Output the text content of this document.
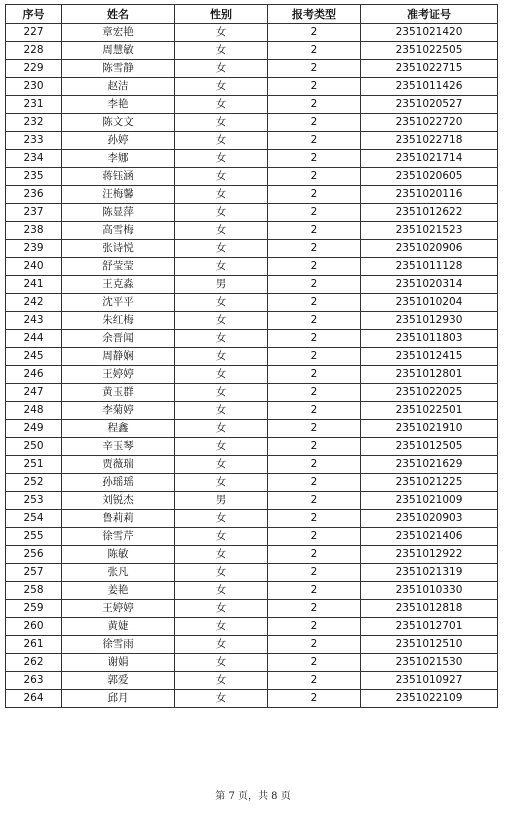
序号	姓名	性别	报考类型	准考证号
227	章宏艳	女	2	2351021420
228	周慧敏	女	2	2351022505
229	陈雪静	女	2	2351022715
230	赵洁	女	2	2351011426
231	李艳	女	2	2351020527
232	陈文文	女	2	2351022720
233	孙婷	女	2	2351022718
234	李娜	女	2	2351021714
235	蒋钰涵	女	2	2351020605
236	汪梅馨	女	2	2351020116
237	陈显萍	女	2	2351012622
238	高雪梅	女	2	2351021523
239	张诗悦	女	2	2351020906
240	舒莹莹	女	2	2351011128
241	王克淼	男	2	2351020314
242	沈平平	女	2	2351010204
243	朱红梅	女	2	2351012930
244	余晋闻	女	2	2351011803
245	周静娴	女	2	2351012415
246	王婷婷	女	2	2351012801
247	黄玉群	女	2	2351022025
248	李菊婷	女	2	2351022501
249	程鑫	女	2	2351021910
250	辛玉琴	女	2	2351012505
251	贾薇瑞	女	2	2351021629
252	孙瑶瑶	女	2	2351021225
253	刘锐杰	男	2	2351021009
254	鲁莉莉	女	2	2351020903
255	徐雪芹	女	2	2351021406
256	陈敏	女	2	2351012922
257	张凡	女	2	2351021319
258	姜艳	女	2	2351010330
259	王婷婷	女	2	2351012818
260	黄婕	女	2	2351012701
261	徐雪雨	女	2	2351012510
262	谢娟	女	2	2351021530
263	郭爱	女	2	2351010927
264	邱月	女	2	2351022109
第 7 页，共 8 页
